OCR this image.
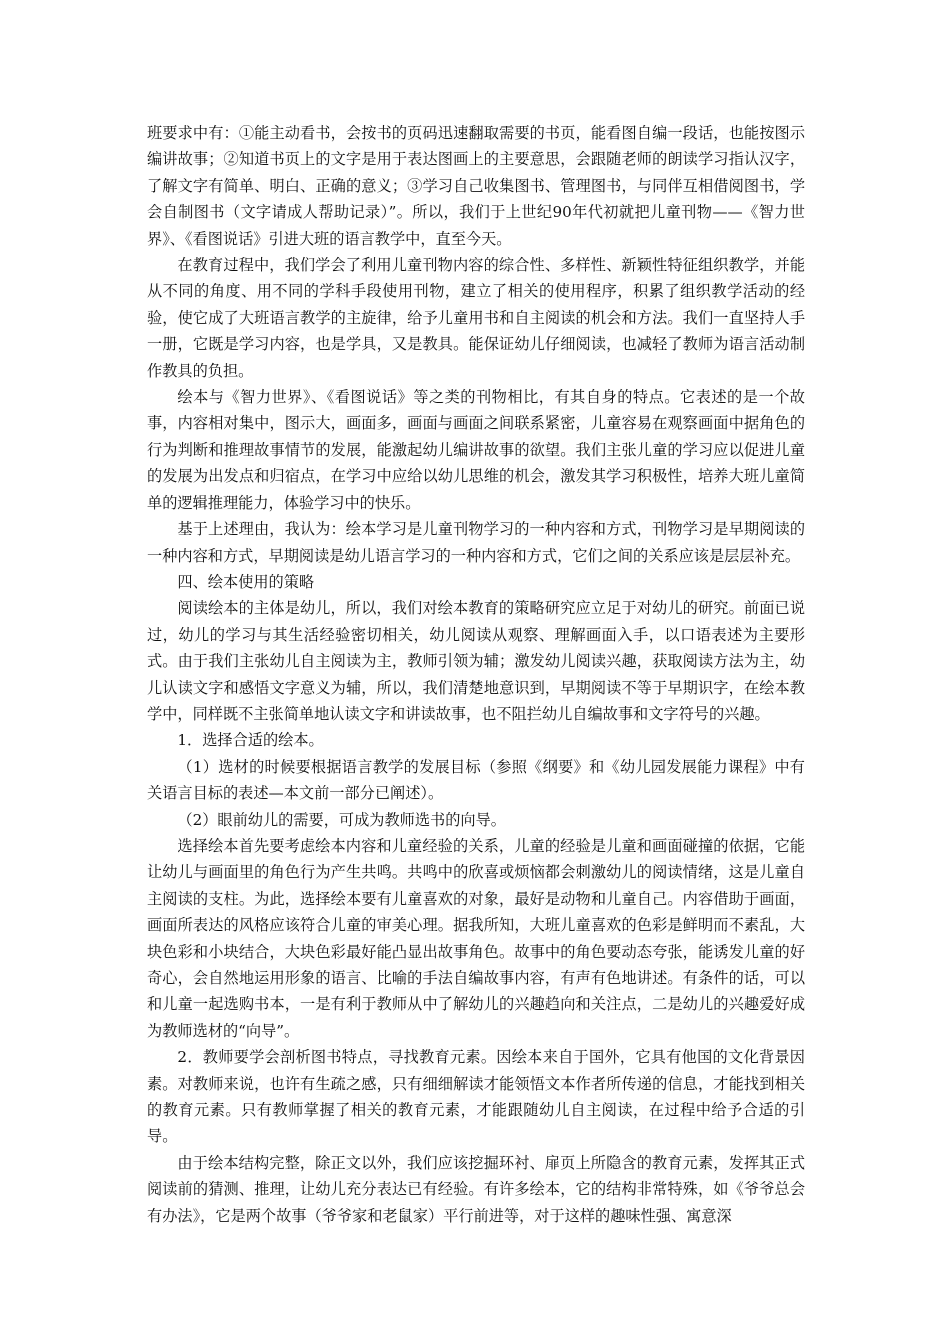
班要求中有：①能主动看书，会按书的页码迅速翻取需要的书页，能看图自编一段话，也能按图示编讲故事；②知道书页上的文字是用于表达图画上的主要意思，会跟随老师的朗读学习指认汉字，了解文字有简单、明白、正确的意义；③学习自己收集图书、管理图书，与同伴互相借阅图书，学会自制图书（文字请成人帮助记录）”。所以，我们于上世纪90年代初就把儿童刊物——《智力世界》、《看图说话》引进大班的语言教学中，直至今天。

在教育过程中，我们学会了利用儿童刊物内容的综合性、多样性、新颖性特征组织教学，并能从不同的角度、用不同的学科手段使用刊物，建立了相关的使用程序，积累了组织教学活动的经验，使它成了大班语言教学的主旋律，给予儿童用书和自主阅读的机会和方法。我们一直坚持人手一册，它既是学习内容，也是学具，又是教具。能保证幼儿仔细阅读，也减轻了教师为语言活动制作教具的负担。

绘本与《智力世界》、《看图说话》等之类的刊物相比，有其自身的特点。它表述的是一个故事，内容相对集中，图示大，画面多，画面与画面之间联系紧密，儿童容易在观察画面中据角色的行为判断和推理故事情节的发展，能激起幼儿编讲故事的欲望。我们主张儿童的学习应以促进儿童的发展为出发点和归宿点，在学习中应给以幼儿思维的机会，激发其学习积极性，培养大班儿童简单的逻辑推理能力，体验学习中的快乐。

基于上述理由，我认为：绘本学习是儿童刊物学习的一种内容和方式，刊物学习是早期阅读的一种内容和方式，早期阅读是幼儿语言学习的一种内容和方式，它们之间的关系应该是层层补充。

四、绘本使用的策略

阅读绘本的主体是幼儿，所以，我们对绘本教育的策略研究应立足于对幼儿的研究。前面已说过，幼儿的学习与其生活经验密切相关，幼儿阅读从观察、理解画面入手，以口语表述为主要形式。由于我们主张幼儿自主阅读为主，教师引领为辅；激发幼儿阅读兴趣，获取阅读方法为主，幼儿认读文字和感悟文字意义为辅，所以，我们清楚地意识到，早期阅读不等于早期识字，在绘本教学中，同样既不主张简单地认读文字和讲读故事，也不阻拦幼儿自编故事和文字符号的兴趣。

1．选择合适的绘本。

（1）选材的时候要根据语言教学的发展目标（参照《纲要》和《幼儿园发展能力课程》中有关语言目标的表述—本文前一部分已阐述）。

（2）眼前幼儿的需要，可成为教师选书的向导。

选择绘本首先要考虑绘本内容和儿童经验的关系，儿童的经验是儿童和画面碰撞的依据，它能让幼儿与画面里的角色行为产生共鸣。共鸣中的欣喜或烦恼都会刺激幼儿的阅读情绪，这是儿童自主阅读的支柱。为此，选择绘本要有儿童喜欢的对象，最好是动物和儿童自己。内容借助于画面，画面所表达的风格应该符合儿童的审美心理。据我所知，大班儿童喜欢的色彩是鲜明而不素乱，大块色彩和小块结合，大块色彩最好能凸显出故事角色。故事中的角色要动态夸张，能诱发儿童的好奇心，会自然地运用形象的语言、比喻的手法自编故事内容，有声有色地讲述。有条件的话，可以和儿童一起选购书本，一是有利于教师从中了解幼儿的兴趣趋向和关注点，二是幼儿的兴趣爱好成为教师选材的“向导”。

2．教师要学会剖析图书特点，寻找教育元素。因绘本来自于国外，它具有他国的文化背景因素。对教师来说，也许有生疏之感，只有细细解读才能领悟文本作者所传递的信息，才能找到相关的教育元素。只有教师掌握了相关的教育元素，才能跟随幼儿自主阅读，在过程中给予合适的引导。

由于绘本结构完整，除正文以外，我们应该挖掘环衬、扉页上所隐含的教育元素，发挥其正式阅读前的猜测、推理，让幼儿充分表达已有经验。有许多绘本，它的结构非常特殊，如《爷爷总会有办法》，它是两个故事（爷爷家和老鼠家）平行前进等，对于这样的趣味性强、寓意深
